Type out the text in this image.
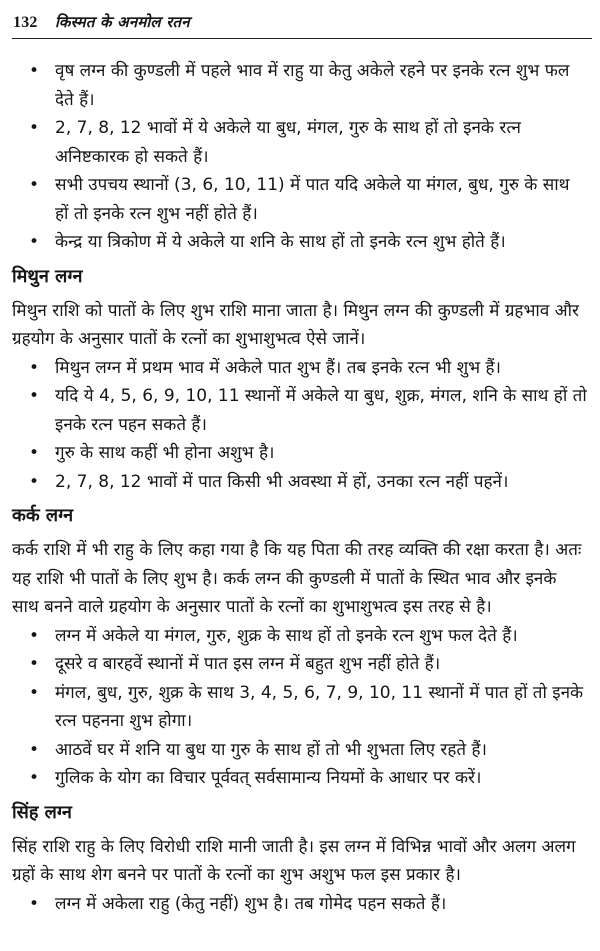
132 किस्मत के अनमोल रतन
• वृष लग्न की कुण्डली में पहले भाव में राहु या केतु अकेले रहने पर इनके रत्न शुभ फल देते हैं।
• 2, 7, 8, 12 भावों में ये अकेले या बुध, मंगल, गुरु के साथ हों तो इनके रत्न अनिष्टकारक हो सकते हैं।
• सभी उपचय स्थानों (3, 6, 10, 11) में पात यदि अकेले या मंगल, बुध, गुरु के साथ हों तो इनके रत्न शुभ नहीं होते हैं।
• केन्द्र या त्रिकोण में ये अकेले या शनि के साथ हों तो इनके रत्न शुभ होते हैं।
मिथुन लग्न

मिथुन राशि को पातों के लिए शुभ राशि माना जाता है। मिथुन लग्न की कुण्डली में ग्रहभाव और ग्रहयोग के अनुसार पातों के रत्नों का शुभाशुभत्व ऐसे जानें।

• मिथुन लग्न में प्रथम भाव में अकेले पात शुभ हैं। तब इनके रत्न भी शुभ हैं।
• यदि ये 4, 5, 6, 9, 10, 11 स्थानों में अकेले या बुध, शुक्र, मंगल, शनि के साथ हों तो इनके रत्न पहन सकते हैं।
• गुरु के साथ कहीं भी होना अशुभ है।
• 2, 7, 8, 12 भावों में पात किसी भी अवस्था में हों, उनका रत्न नहीं पहनें।
कर्क लग्न

कर्क राशि में भी राहु के लिए कहा गया है कि यह पिता की तरह व्यक्ति की रक्षा करता है। अतः यह राशि भी पातों के लिए शुभ है। कर्क लग्न की कुण्डली में पातों के स्थित भाव और इनके साथ बनने वाले ग्रहयोग के अनुसार पातों के रत्नों का शुभाशुभत्व इस तरह से है।

• लग्न में अकेले या मंगल, गुरु, शुक्र के साथ हों तो इनके रत्न शुभ फल देते हैं।
• दूसरे व बारहवें स्थानों में पात इस लग्न में बहुत शुभ नहीं होते हैं।
• मंगल, बुध, गुरु, शुक्र के साथ 3, 4, 5, 6, 7, 9, 10, 11 स्थानों में पात हों तो इनके रत्न पहनना शुभ होगा।
• आठवें घर में शनि या बुध या गुरु के साथ हों तो भी शुभता लिए रहते हैं।
• गुलिक के योग का विचार पूर्ववत् सर्वसामान्य नियमों के आधार पर करें।
सिंह लग्न

सिंह राशि राहु के लिए विरोधी राशि मानी जाती है। इस लग्न में विभिन्न भावों और अलग अलग ग्रहों के साथ शेग बनने पर पातों के रत्नों का शुभ अशुभ फल इस प्रकार है।

• लग्न में अकेला राहु (केतु नहीं) शुभ है। तब गोमेद पहन सकते हैं।
